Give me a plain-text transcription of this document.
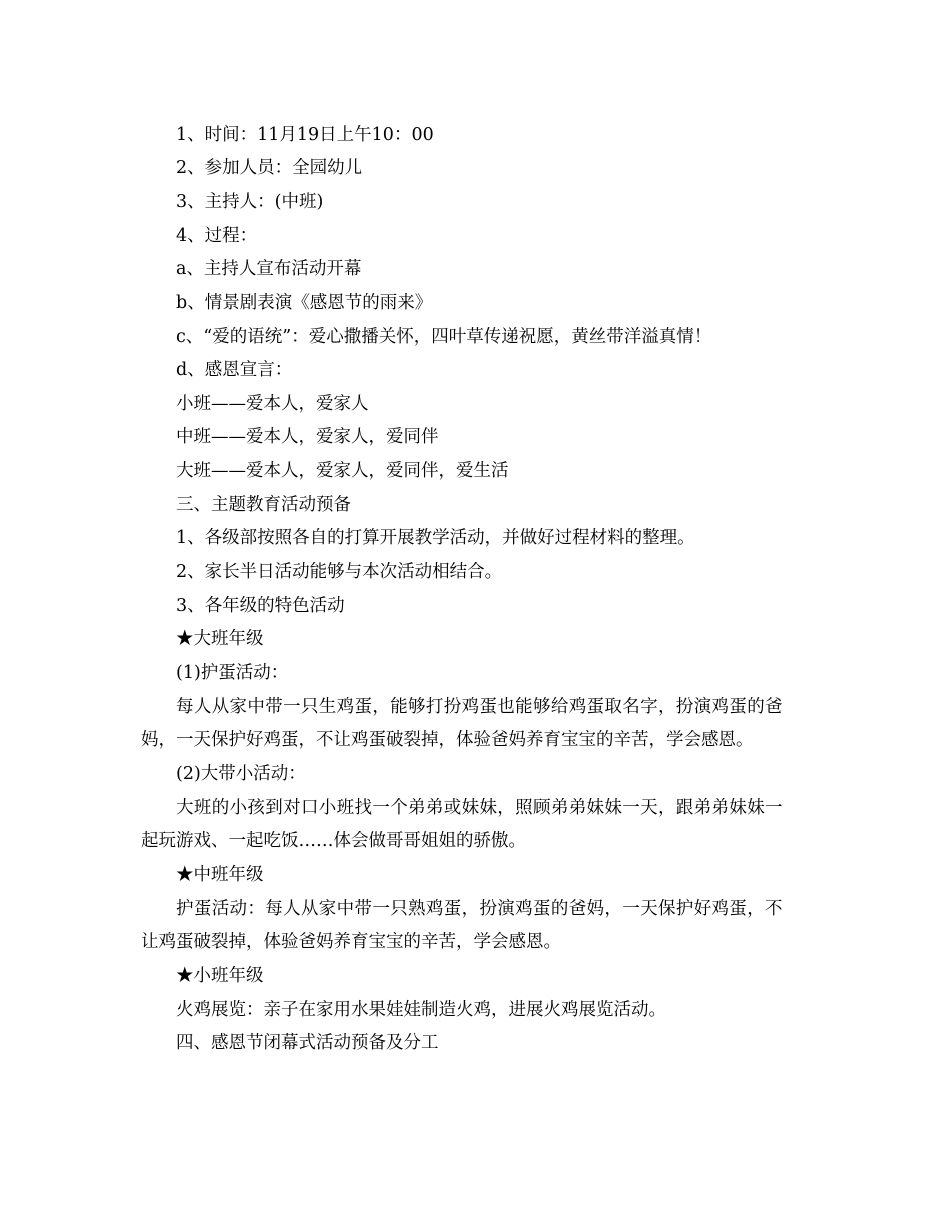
1、时间：11月19日上午10：00
2、参加人员：全园幼儿
3、主持人：(中班)
4、过程：
a、主持人宣布活动开幕
b、情景剧表演《感恩节的雨来》
c、“爱的语统”：爱心撒播关怀，四叶草传递祝愿，黄丝带洋溢真情！
d、感恩宣言：
小班——爱本人，爱家人
中班——爱本人，爱家人，爱同伴
大班——爱本人，爱家人，爱同伴，爱生活
三、主题教育活动预备
1、各级部按照各自的打算开展教学活动，并做好过程材料的整理。
2、家长半日活动能够与本次活动相结合。
3、各年级的特色活动
★大班年级
(1)护蛋活动：
每人从家中带一只生鸡蛋，能够打扮鸡蛋也能够给鸡蛋取名字，扮演鸡蛋的爸
妈，一天保护好鸡蛋，不让鸡蛋破裂掉，体验爸妈养育宝宝的辛苦，学会感恩。
(2)大带小活动：
大班的小孩到对口小班找一个弟弟或妹妹，照顾弟弟妹妹一天，跟弟弟妹妹一
起玩游戏、一起吃饭……体会做哥哥姐姐的骄傲。
★中班年级
护蛋活动：每人从家中带一只熟鸡蛋，扮演鸡蛋的爸妈，一天保护好鸡蛋，不
让鸡蛋破裂掉，体验爸妈养育宝宝的辛苦，学会感恩。
★小班年级
火鸡展览：亲子在家用水果娃娃制造火鸡，进展火鸡展览活动。
四、感恩节闭幕式活动预备及分工
